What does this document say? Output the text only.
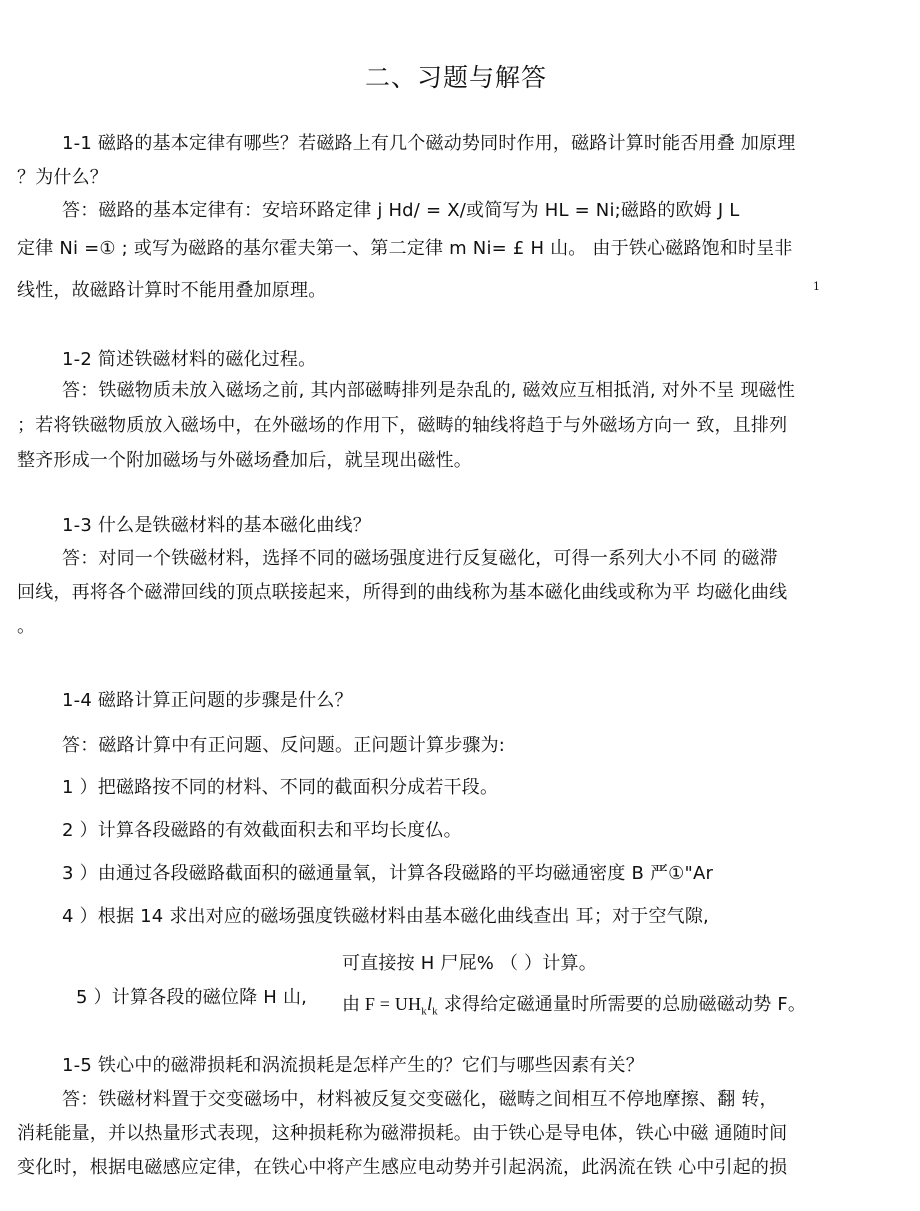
二、习题与解答
1-1 磁路的基本定律有哪些？若磁路上有几个磁动势同时作用，磁路计算时能否用叠 加原理
？为什么？
答：磁路的基本定律有：安培环路定律 j Hd/ = X/或简写为 HL = Ni;磁路的欧姆 J L
定律 Ni =① ; 或写为磁路的基尔霍夫第一、第二定律 m Ni= £ H 山。 由于铁心磁路饱和时呈非
线性，故磁路计算时不能用叠加原理。	1
1-2 简述铁磁材料的磁化过程。
答：铁磁物质未放入磁场之前, 其内部磁畴排列是杂乱的, 磁效应互相抵消, 对外不呈 现磁性
；若将铁磁物质放入磁场中，在外磁场的作用下，磁畴的轴线将趋于与外磁场方向一 致，且排列
整齐形成一个附加磁场与外磁场叠加后，就呈现出磁性。
1-3 什么是铁磁材料的基本磁化曲线？
答：对同一个铁磁材料，选择不同的磁场强度进行反复磁化，可得一系列大小不同 的磁滞
回线，再将各个磁滞回线的顶点联接起来，所得到的曲线称为基本磁化曲线或称为平 均磁化曲线
。
1-4 磁路计算正问题的步骤是什么？
答：磁路计算中有正问题、反问题。正问题计算步骤为:
1 ）把磁路按不同的材料、不同的截面积分成若干段。
2 ）计算各段磁路的有效截面积去和平均长度仏。
3 ）由通过各段磁路截面积的磁通量氧，计算各段磁路的平均磁通密度 B 严①"Ar
4 ）根据 14 求出对应的磁场强度铁磁材料由基本磁化曲线查出 耳；对于空气隙,
可直接按 H 尸屁% （ ）计算。
5 ）计算各段的磁位降 H 山, 由 $F = UH_kl_k$ 求得给定磁通量时所需要的总励磁磁动势 F。
1-5 铁心中的磁滞损耗和涡流损耗是怎样产生的？它们与哪些因素有关？
答：铁磁材料置于交变磁场中，材料被反复交变磁化，磁畴之间相互不停地摩擦、翻 转，
消耗能量，并以热量形式表现，这种损耗称为磁滞损耗。由于铁心是导电体，铁心中磁 通随时间
变化时，根据电磁感应定律，在铁心中将产生感应电动势并引起涡流，此涡流在铁 心中引起的损
